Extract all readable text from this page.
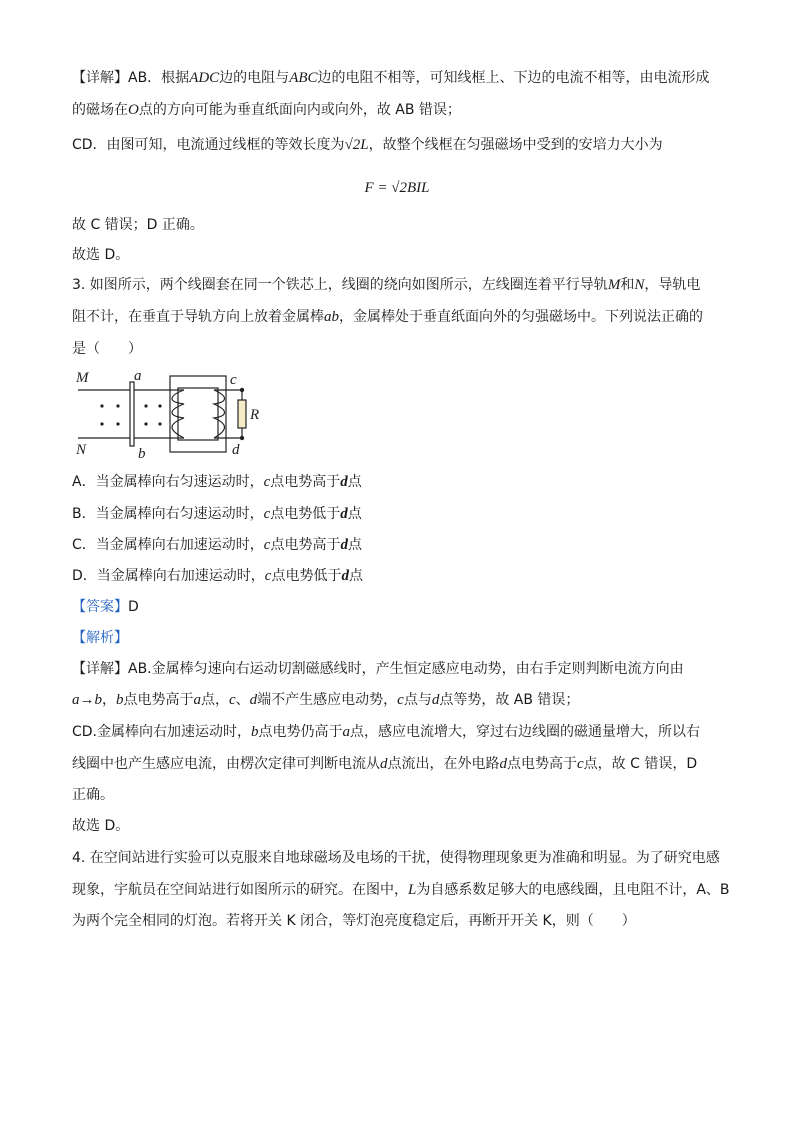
【详解】AB．根据ADC边的电阻与ABC边的电阻不相等，可知线框上、下边的电流不相等，由电流形成
的磁场在O点的方向可能为垂直纸面向内或向外，故 AB 错误；
CD．由图可知，电流通过线框的等效长度为√2L，故整个线框在匀强磁场中受到的安培力大小为
F = √2BIL
故 C 错误；D 正确。
故选 D。
3. 如图所示，两个线圈套在同一个铁芯上，线圈的绕向如图所示，左线圈连着平行导轨M和N，导轨电
阻不计，在垂直于导轨方向上放着金属棒ab，金属棒处于垂直纸面向外的匀强磁场中。下列说法正确的
是（　　）
M
N
a
b
c
d
R
A．当金属棒向右匀速运动时，c点电势高于d点
B．当金属棒向右匀速运动时，c点电势低于d点
C．当金属棒向右加速运动时，c点电势高于d点
D．当金属棒向右加速运动时，c点电势低于d点
【答案】D
【解析】
【详解】AB.金属棒匀速向右运动切割磁感线时，产生恒定感应电动势，由右手定则判断电流方向由
a→b，b点电势高于a点，c、d端不产生感应电动势，c点与d点等势，故 AB 错误；
CD.金属棒向右加速运动时，b点电势仍高于a点，感应电流增大，穿过右边线圈的磁通量增大，所以右
线圈中也产生感应电流，由楞次定律可判断电流从d点流出，在外电路d点电势高于c点，故 C 错误，D
正确。
故选 D。
4. 在空间站进行实验可以克服来自地球磁场及电场的干扰，使得物理现象更为准确和明显。为了研究电感
现象，宇航员在空间站进行如图所示的研究。在图中，L为自感系数足够大的电感线圈，且电阻不计，A、B
为两个完全相同的灯泡。若将开关 K 闭合，等灯泡亮度稳定后，再断开开关 K，则（　　）
